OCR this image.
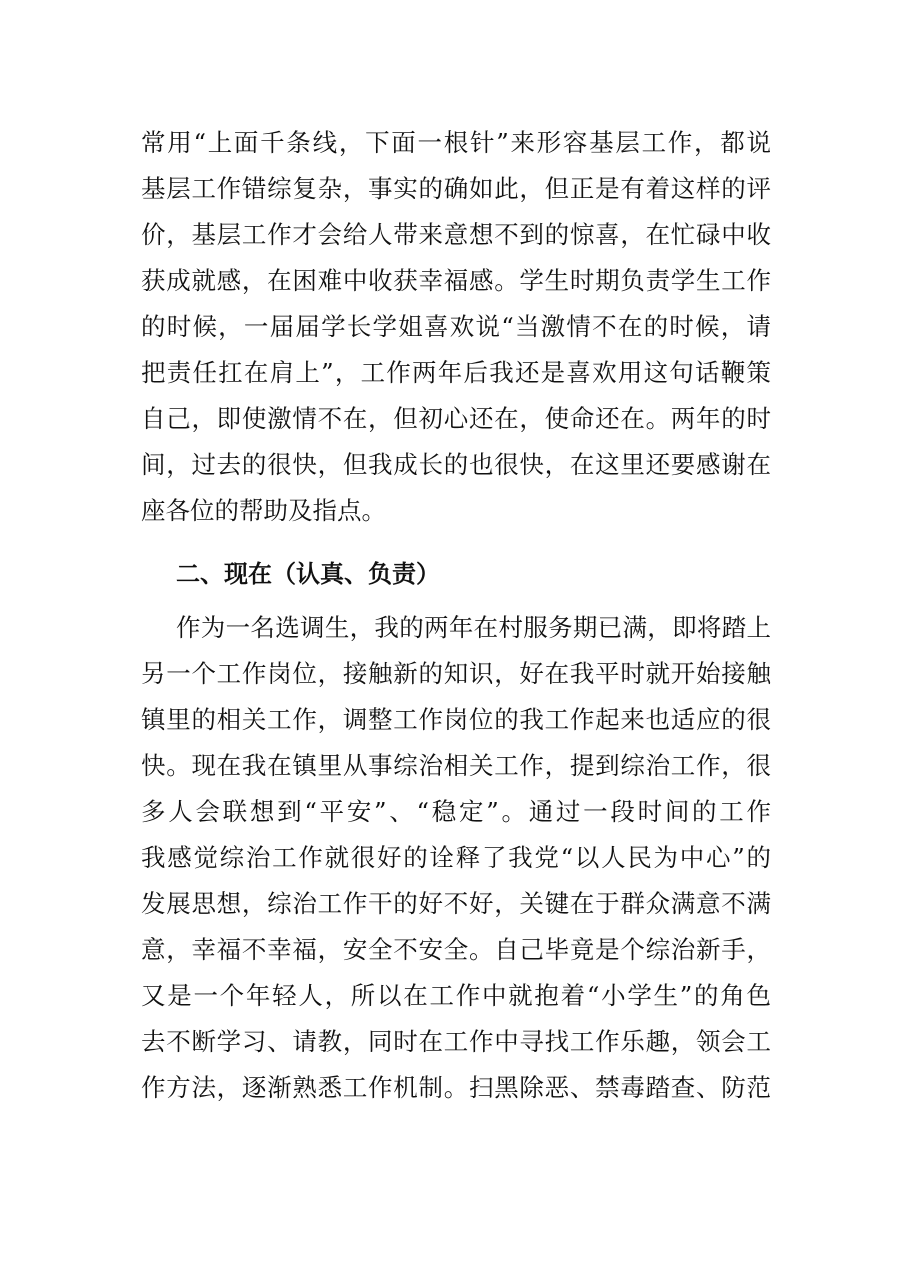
常用“上面千条线，下面一根针”来形容基层工作，都说
基层工作错综复杂，事实的确如此，但正是有着这样的评
价，基层工作才会给人带来意想不到的惊喜，在忙碌中收
获成就感，在困难中收获幸福感。学生时期负责学生工作
的时候，一届届学长学姐喜欢说“当激情不在的时候，请
把责任扛在肩上”，工作两年后我还是喜欢用这句话鞭策
自己，即使激情不在，但初心还在，使命还在。两年的时
间，过去的很快，但我成长的也很快，在这里还要感谢在
座各位的帮助及指点。
二、现在（认真、负责）
作为一名选调生，我的两年在村服务期已满，即将踏上
另一个工作岗位，接触新的知识，好在我平时就开始接触
镇里的相关工作，调整工作岗位的我工作起来也适应的很
快。现在我在镇里从事综治相关工作，提到综治工作，很
多人会联想到“平安”、“稳定”。通过一段时间的工作
我感觉综治工作就很好的诠释了我党“以人民为中心”的
发展思想，综治工作干的好不好，关键在于群众满意不满
意，幸福不幸福，安全不安全。自己毕竟是个综治新手，
又是一个年轻人，所以在工作中就抱着“小学生”的角色
去不断学习、请教，同时在工作中寻找工作乐趣，领会工
作方法，逐渐熟悉工作机制。扫黑除恶、禁毒踏查、防范
